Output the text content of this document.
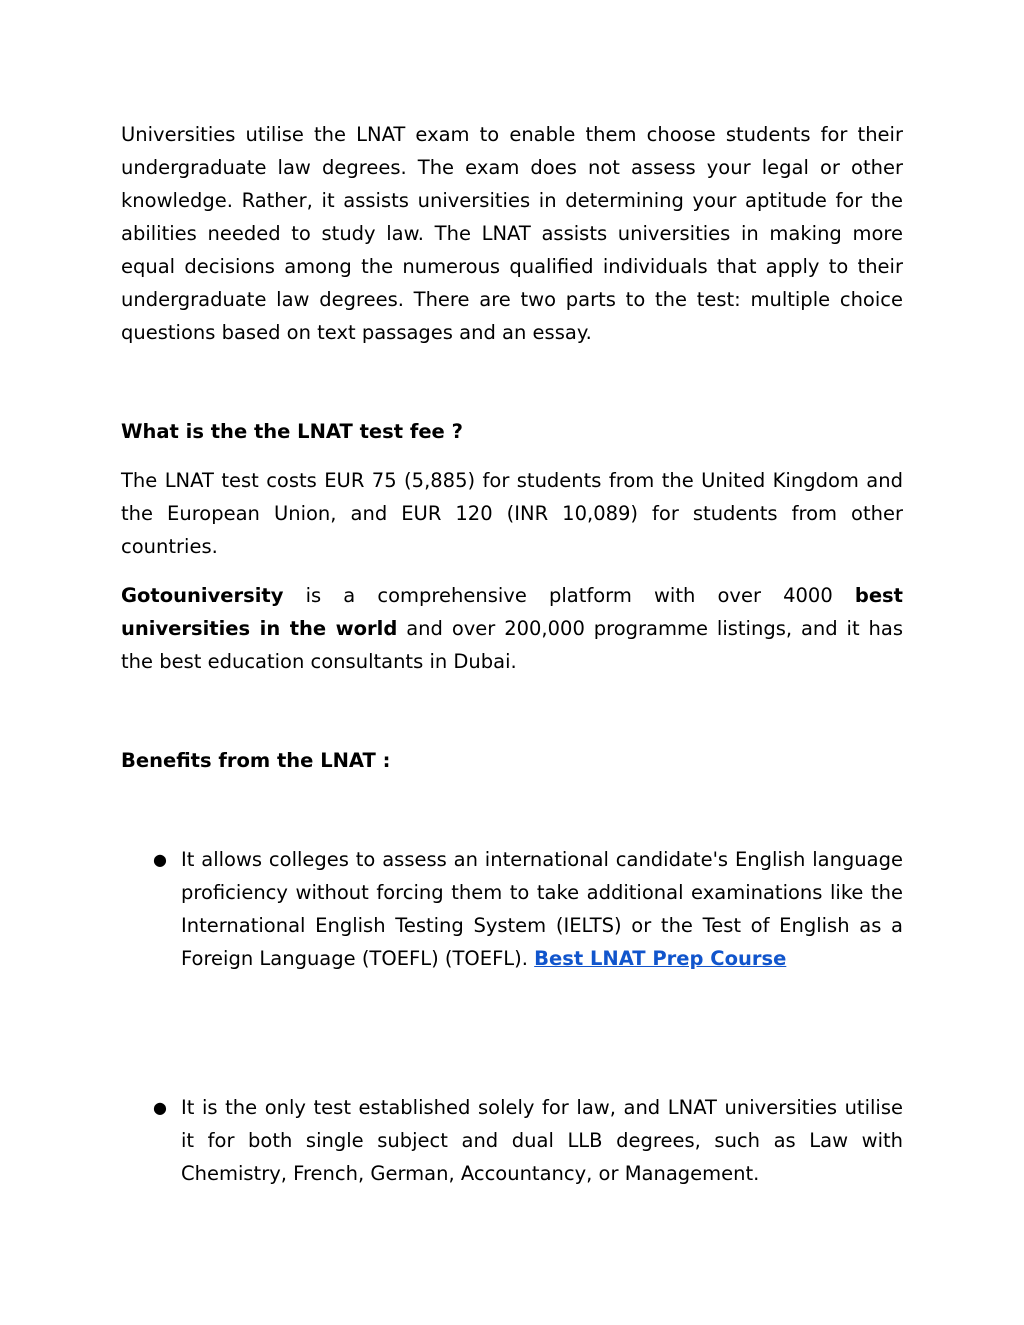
Universities utilise the LNAT exam to enable them choose students for their undergraduate law degrees. The exam does not assess your legal or other knowledge. Rather, it assists universities in determining your aptitude for the abilities needed to study law. The LNAT assists universities in making more equal decisions among the numerous qualified individuals that apply to their undergraduate law degrees. There are two parts to the test: multiple choice questions based on text passages and an essay.

What is the the LNAT test fee ?

The LNAT test costs EUR 75 (5,885) for students from the United Kingdom and the European Union, and EUR 120 (INR 10,089) for students from other countries.

Gotouniversity is a comprehensive platform with over 4000 best universities in the world and over 200,000 programme listings, and it has the best education consultants in Dubai.

Benefits from the LNAT :

● It allows colleges to assess an international candidate's English language proficiency without forcing them to take additional examinations like the International English Testing System (IELTS) or the Test of English as a Foreign Language (TOEFL) (TOEFL). Best LNAT Prep Course
● It is the only test established solely for law, and LNAT universities utilise it for both single subject and dual LLB degrees, such as Law with Chemistry, French, German, Accountancy, or Management.
